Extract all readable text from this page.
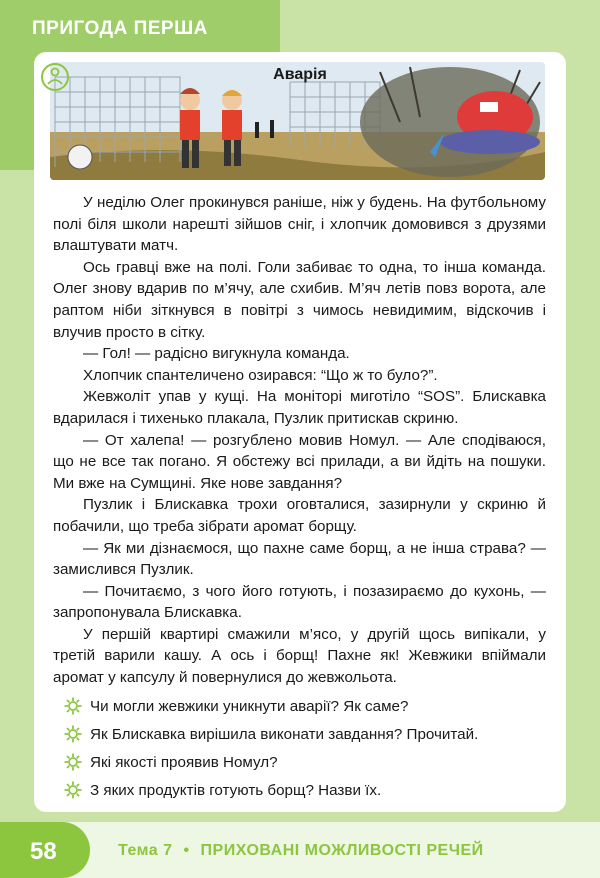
ПРИГОДА ПЕРША
Аварія

У неділю Олег прокинувся раніше, ніж у будень. На футбольному полі біля школи нарешті зійшов сніг, і хлопчик домовився з друзями влаштувати матч.

Ось гравці вже на полі. Голи забиває то одна, то інша команда. Олег знову вдарив по м’ячу, але схибив. М’яч летів повз ворота, але раптом ніби зіткнувся в повітрі з чимось невидимим, відскочив і влучив просто в сітку.

— Гол! — радісно вигукнула команда.

Хлопчик спантеличено озирався: “Що ж то було?”.

Жевжоліт упав у кущі. На моніторі миготіло “SOS”. Блискавка вдарилася і тихенько плакала, Пузлик притискав скриню.

— От халепа! — розгублено мовив Номул. — Але сподіваюся, що не все так погано. Я обстежу всі прилади, а ви йдіть на пошуки. Ми вже на Сумщині. Яке нове завдання?

Пузлик і Блискавка трохи оговталися, зазирнули у скриню й побачили, що треба зібрати аромат борщу.

— Як ми дізнаємося, що пахне саме борщ, а не інша страва? — замислився Пузлик.

— Почитаємо, з чого його готують, і позазираємо до кухонь, — запропонувала Блискавка.

У першій квартирі смажили м’ясо, у другій щось випікали, у третій варили кашу. А ось і борщ! Пахне як! Жевжики впіймали аромат у капсулу й повернулися до жевжольота.

Чи могли жевжики уникнути аварії? Як саме?
Як Блискавка вирішила виконати завдання? Прочитай.
Які якості проявив Номул?
З яких продуктів готують борщ? Назви їх.
58	Тема 7 • ПРИХОВАНІ МОЖЛИВОСТІ РЕЧЕЙ
